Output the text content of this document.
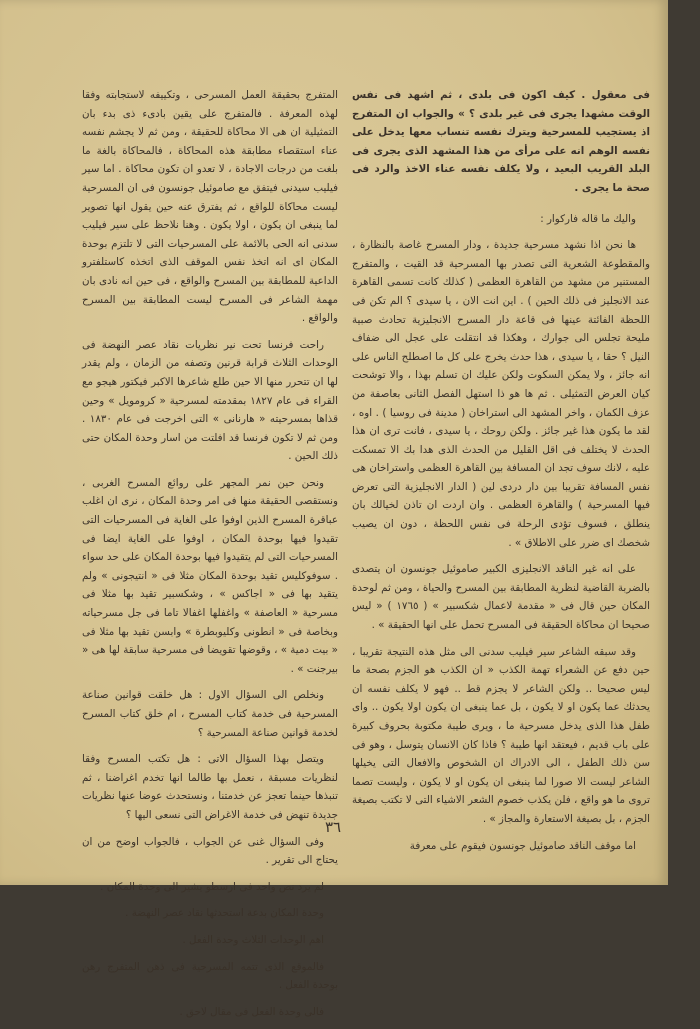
فى معقول . كيف اكون فى بلدى ، ثم اشهد فى نفس الوقت مشهدا يجرى فى غير بلدى ؟ » والجواب ان المتفرج اذ يستجيب للمسرحية ويترك نفسه تنساب معها يدخل على نفسه الوهم انه على مرأى من هذا المشهد الذى يجرى فى البلد القريب البعيد ، ولا يكلف نفسه عناء الاخذ والرد فى صحة ما يجرى .

واليك ما قاله فاركوار :

ها نحن اذا نشهد مسرحية جديدة ، ودار المسرح غاصة بالنظارة ، والمقطوعة الشعرية التى تصدر بها المسرحية قد القيت ، والمتفرج المستنير من مشهد من القاهرة العظمى ( كذلك كانت تسمى القاهرة عند الانجليز فى ذلك الحين ) . اين انت الان ، يا سيدى ؟ الم تكن فى اللحظة الفائتة عينها فى قاعة دار المسرح الانجليزية تحادث صبية مليحة تجلس الى جوارك ، وهكذا قد انتقلت على عجل الى ضفاف النيل ؟ حقا ، يا سيدى ، هذا حدث يخرج على كل ما اصطلح الناس على انه جائز ، ولا يمكن السكوت ولكن عليك ان تسلم بهذا ، والا توشحت كيان العرض التمثيلى . ثم ها هو ذا استهل الفصل الثانى بعاصفة من عزف الكمان ، واخر المشهد الى استراخان ( مدينة فى روسيا ) . اوه ، لقد ما يكون هذا غير جائز . ولكن روحك ، يا سيدى ، فانت ترى ان هذا الحدث لا يختلف فى اقل القليل من الحدث الذى هدا بك الا تمسكت عليه ، لانك سوف تجد ان المسافة بين القاهرة العظمى واستراخان هى نفس المسافة تقريبا بين دار دردى لين ( الدار الانجليزية التى تعرض فيها المسرحية ) والقاهرة العظمى . وان اردت ان تاذن لخيالك بان ينطلق ، فسوف تؤدى الرحلة فى نفس اللحظة ، دون ان يصيب شخصك اى ضرر على الاطلاق » .

على انه غير الناقد الانجليزى الكبير صاموئيل جونسون ان يتصدى بالضربة القاضية لنظرية المطابقة بين المسرح والحياة ، ومن ثم لوحدة المكان حين قال فى « مقدمة لاعمال شكسبير » ( ١٧٦٥ ) « ليس صحيحا ان محاكاة الحقيقة فى المسرح تحمل على انها الحقيقة » .

وقد سبقه الشاعر سير فيليب سدنى الى مثل هذه النتيجة تقريبا ، حين دفع عن الشعراء تهمة الكذب « ان الكذب هو الجزم بصحة ما ليس صحيحا .. ولكن الشاعر لا يجزم قط .. فهو لا يكلف نفسه ان يحدثك عما يكون او لا يكون ، بل عما ينبغى ان يكون اولا يكون .. واى طفل هذا الذى يدخل مسرحية ما ، ويرى طيبة مكتوبة بحروف كبيرة على باب قديم ، فيعتقد انها طيبة ؟ فاذا كان الانسان يتوسل ، وهو فى سن ذلك الطفل ، الى الادراك ان الشخوص والافعال التى يخيلها الشاعر ليست الا صورا لما ينبغى ان يكون او لا يكون ، وليست تصما تروى ما هو واقع ، فلن يكذب خصوم الشعر الاشياء التى لا تكتب بصيغة الجزم ، بل بصيغة الاستعارة والمجاز » .

اما موقف الناقد صاموئيل جونسون فيقوم على معرفة

المتفرج بحقيقة العمل المسرحى ، وتكييفه لاستجابته وفقا لهذه المعرفة . فالمتفرج على يقين بادىء ذى بدء بان التمثيلية ان هى الا محاكاة للحقيقة ، ومن ثم لا يجشم نفسه عناء استقصاء مطابقة هذه المحاكاة ، فالمحاكاة بالغة ما بلغت من درجات الاجادة ، لا تعدو ان تكون محاكاة . اما سير فيليب سيدنى فيتفق مع صاموئيل جونسون فى ان المسرحية ليست محاكاة للواقع ، ثم يفترق عنه حين يقول انها تصوير لما ينبغى ان يكون ، اولا يكون . وهنا نلاحظ على سير فيليب سدنى انه الحى بالائمة على المسرحيات التى لا تلتزم بوحدة المكان اى انه اتخذ نفس الموقف الذى اتخذه كاستلفترو الداعية للمطابقة بين المسرح والواقع ، فى حين انه نادى بان مهمة الشاعر فى المسرح ليست المطابقة بين المسرح والواقع .

راحت فرنسا تحت نير نظريات نقاد عصر النهضة فى الوحدات الثلاث قرابة قرنين وتصفه من الزمان ، ولم يقدر لها ان تتحرر منها الا حين طلع شاعرها الاكبر فيكتور هيجو مع القراء فى عام ١٨٢٧ بمقدمته لمسرحية « كرومويل » وحين قذاها بمسرحيته « هارنانى » التى اخرجت فى عام ١٨٣٠ . ومن ثم لا تكون فرنسا قد افلتت من اسار وحدة المكان حتى ذلك الحين .

ونحن حين نمر المجهر على روائع المسرح الغربى ، ونستقصى الحقيقة منها فى امر وحدة المكان ، نرى ان اغلب عباقرة المسرح الذين اوفوا على الغاية فى المسرحيات التى تقيدوا فيها بوحدة المكان ، اوفوا على الغاية ايضا فى المسرحيات التى لم يتقيدوا فيها بوحدة المكان على حد سواء . سوفوكليس تقيد بوحدة المكان مثلا فى « انتيجونى » ولم يتقيد بها فى « اجاكس » ، وشكسبير تقيد بها مثلا فى مسرحية « العاصفة » واغفلها اغفالا تاما فى جل مسرحياته وبخاصة فى « انطونى وكليوبطرة » وابسن تقيد بها مثلا فى « بيت دمية » ، وقوضها تقويضا فى مسرحية سابقة لها هى « بيرجنت » .

ونخلص الى السؤال الاول : هل خلقت قوانين صناعة المسرحية فى خدمة كتاب المسرح ، ام خلق كتاب المسرح لخدمة قوانين صناعة المسرحية ؟

ويتصل بهذا السؤال الاتى : هل تكتب المسرح وفقا لنظريات مسبقة ، نعمل بها طالما انها تخدم اغراضنا ، ثم تنبذها حينما تعجز عن خدمتنا ، ونستحدث عوضا عنها نظريات جديدة تنهض فى خدمة الاغراض التى نسعى اليها ؟

وفى السؤال غنى عن الجواب ، فالجواب اوضح من ان يحتاج الى تقرير .

لم يرد نص واحد فى ارسطو يشير الى وحدة المكان .

وحدة المكان بدعة استحدثها نقاد عصر النهضة .

اهم الوحدات الثلاث وحدة الفعل .

فالموقع الذى تتمه المسرحية فى ذهن المتفرج رهن بوحدة الفعل .

فالى وحدة الفعل فى مقال لاحق .

٣٦
